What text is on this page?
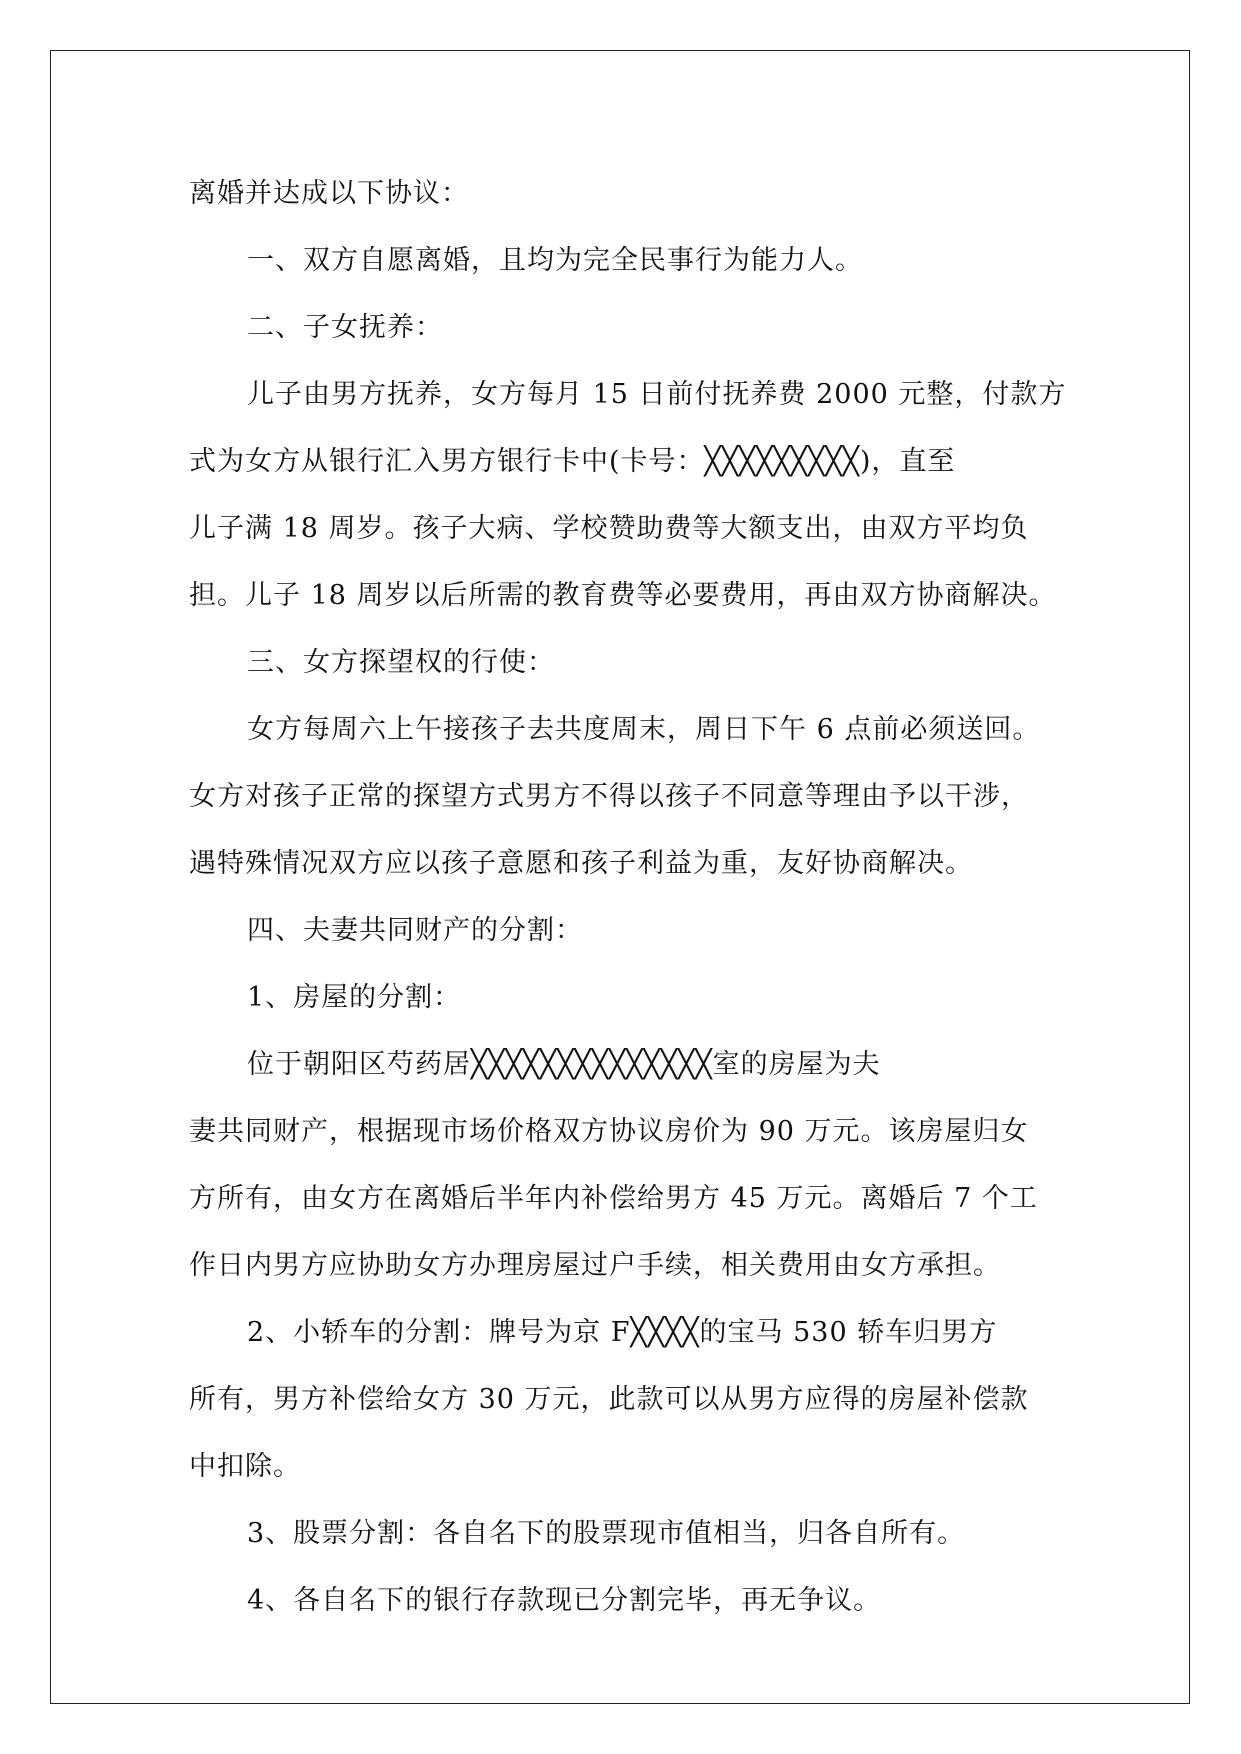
离婚并达成以下协议：
一、双方自愿离婚，且均为完全民事行为能力人。
二、子女抚养：
儿子由男方抚养，女方每月 15 日前付抚养费 2000 元整，付款方
式为女方从银行汇入男方银行卡中(卡号：╳╳╳╳╳╳╳╳╳)，直至
儿子满 18 周岁。孩子大病、学校赞助费等大额支出，由双方平均负
担。儿子 18 周岁以后所需的教育费等必要费用，再由双方协商解决。
三、女方探望权的行使：
女方每周六上午接孩子去共度周末，周日下午 6 点前必须送回。
女方对孩子正常的探望方式男方不得以孩子不同意等理由予以干涉，
遇特殊情况双方应以孩子意愿和孩子利益为重，友好协商解决。
四、夫妻共同财产的分割：
1、房屋的分割：
位于朝阳区芍药居╳╳╳╳╳╳╳╳╳╳╳╳╳╳室的房屋为夫
妻共同财产，根据现市场价格双方协议房价为 90 万元。该房屋归女
方所有，由女方在离婚后半年内补偿给男方 45 万元。离婚后 7 个工
作日内男方应协助女方办理房屋过户手续，相关费用由女方承担。
2、小轿车的分割：牌号为京 F╳╳╳╳的宝马 530 轿车归男方
所有，男方补偿给女方 30 万元，此款可以从男方应得的房屋补偿款
中扣除。
3、股票分割：各自名下的股票现市值相当，归各自所有。
4、各自名下的银行存款现已分割完毕，再无争议。
